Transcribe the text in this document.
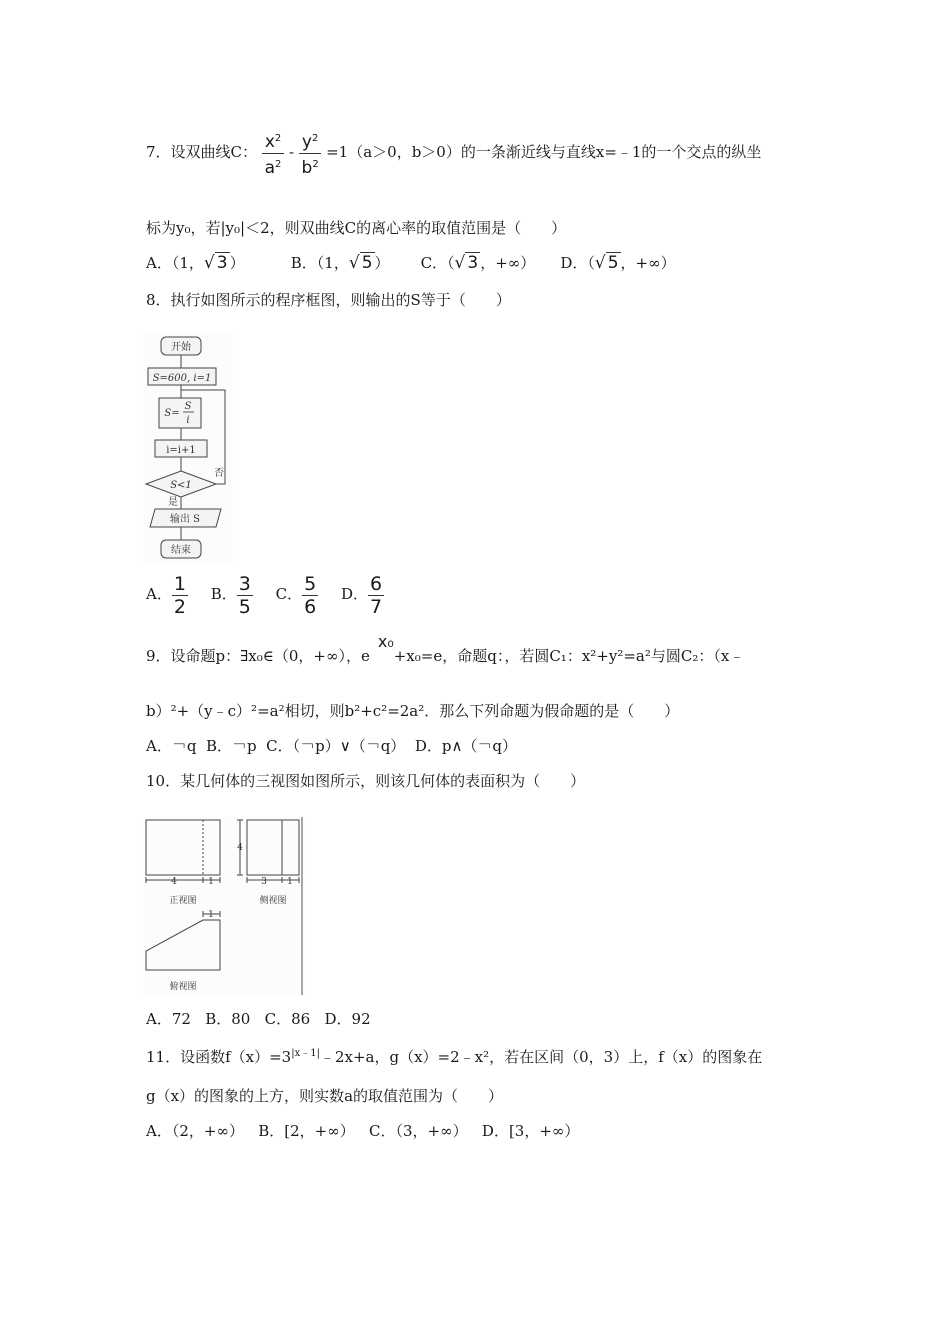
7．设双曲线C： $\frac{x^2}{a^2} - \frac{y^2}{b^2} =1(a>0$，b＞0）的一条渐近线与直线x=﹣1的一个交点的纵坐
标为y₀，若|y₀|＜2，则双曲线C的离心率的取值范围是（　　）
A．（1，√ 3 ）	B．（1，√ 5 ） C．（√ 3 ，+∞） D．（√ 5 ，+∞）
8．执行如图所示的程序框图，则输出的S等于（　　）
开始
S=600, i=1
S=
S
i
i=i+1
S<1
否
是
输出 S
结束
A． $\frac{1}{2}$ B． $\frac{3}{5}$ C． $\frac{5}{6}$ D． $\frac{6}{7}$
9．设命题p：∃x₀∈（0，+∞），ex₀+x₀=e，命题q：，若圆C₁：x²+y²=a²与圆C₂：（x﹣
b）²+（y﹣c）²=a²相切，则b²+c²=2a²．那么下列命题为假命题的是（　　）
A．￢q  B．￢p  C．（￢p）∨（￢q）  D．p∧（￢q）
10．某几何体的三视图如图所示，则该几何体的表面积为（　　）
4	1
正视图
4
3 1
侧视图
1
俯视图
A．72   B．80   C．86   D．92
11．设函数$f(x)=3^{|x﹣1|}﹣2x+a$，g（x）=2﹣x²，若在区间（0，3）上，f（x）的图象在
g（x）的图象的上方，则实数a的取值范围为（　　）
A．（2，+∞）   B．[2，+∞）   C．（3，+∞）   D．[3，+∞）
